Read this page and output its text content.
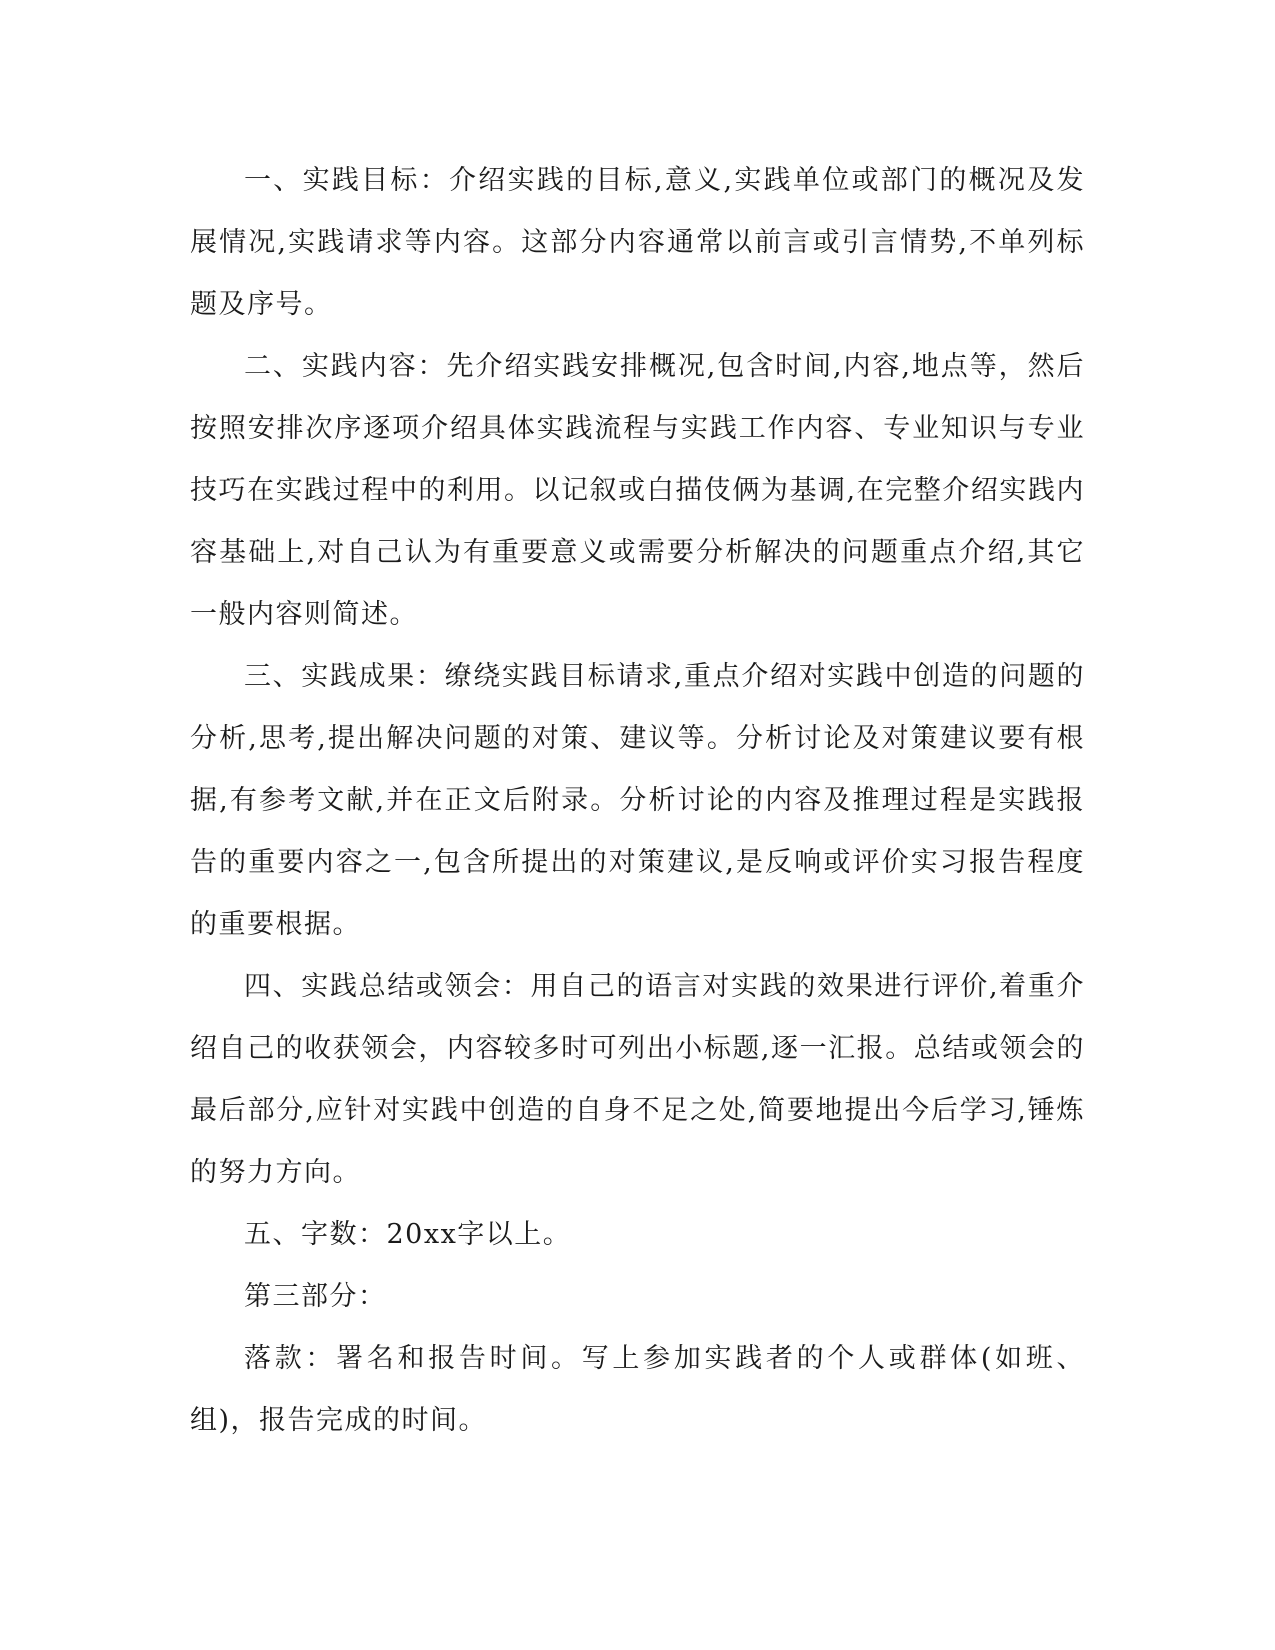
一、实践目标：介绍实践的目标,意义,实践单位或部门的概况及发展情况,实践请求等内容。这部分内容通常以前言或引言情势,不单列标题及序号。

二、实践内容：先介绍实践安排概况,包含时间,内容,地点等，然后按照安排次序逐项介绍具体实践流程与实践工作内容、专业知识与专业技巧在实践过程中的利用。以记叙或白描伎俩为基调,在完整介绍实践内容基础上,对自己认为有重要意义或需要分析解决的问题重点介绍,其它一般内容则简述。

三、实践成果：缭绕实践目标请求,重点介绍对实践中创造的问题的分析,思考,提出解决问题的对策、建议等。分析讨论及对策建议要有根据,有参考文献,并在正文后附录。分析讨论的内容及推理过程是实践报告的重要内容之一,包含所提出的对策建议,是反响或评价实习报告程度的重要根据。

四、实践总结或领会：用自己的语言对实践的效果进行评价,着重介绍自己的收获领会，内容较多时可列出小标题,逐一汇报。总结或领会的最后部分,应针对实践中创造的自身不足之处,简要地提出今后学习,锤炼的努力方向。

五、字数：20xx字以上。

第三部分：

落款：署名和报告时间。写上参加实践者的个人或群体(如班、组)，报告完成的时间。
